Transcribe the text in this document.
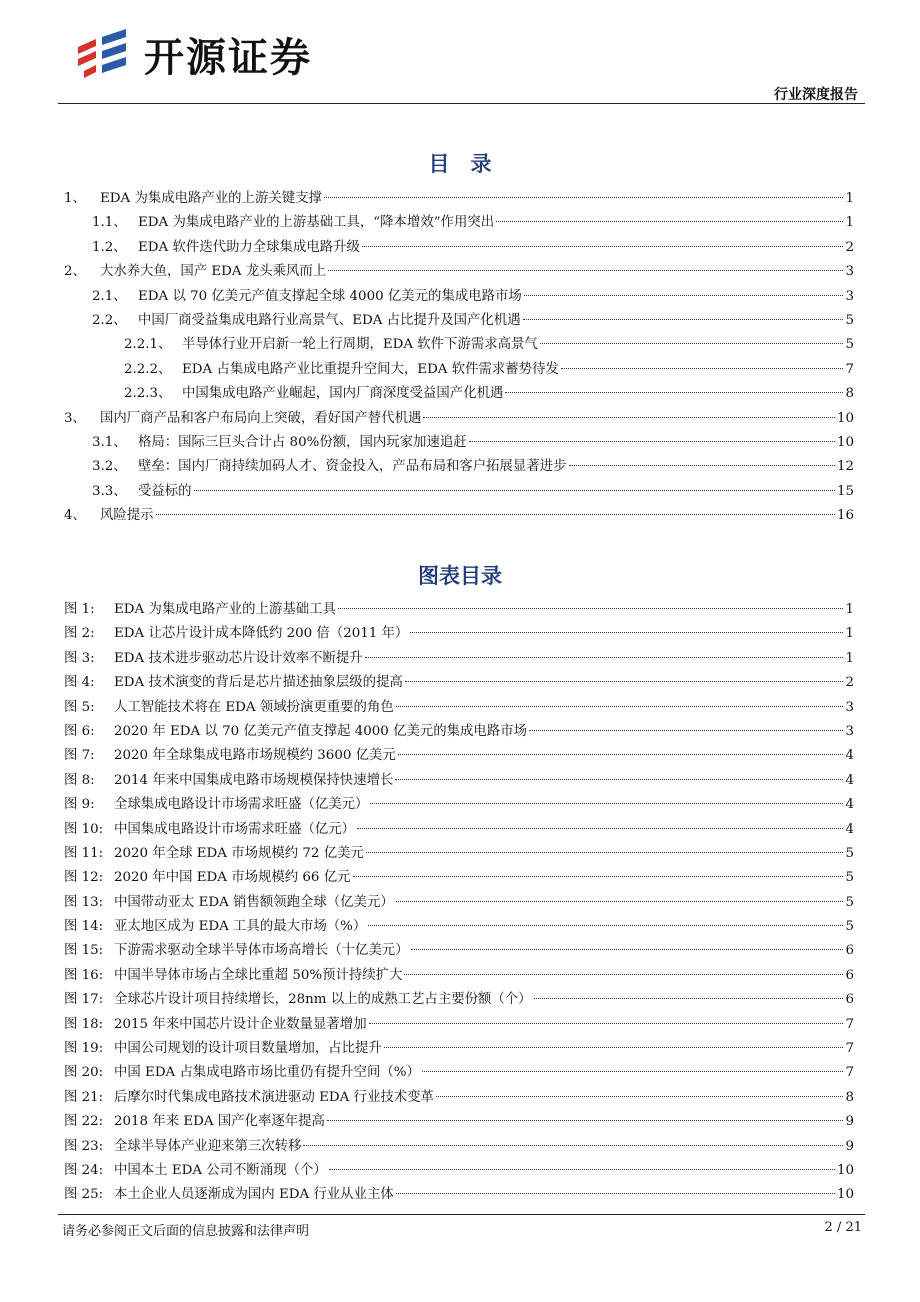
开源证券
行业深度报告
目　录
1、	EDA 为集成电路产业的上游关键支撑	1
1.1、 EDA 为集成电路产业的上游基础工具，“降本增效”作用突出	1
1.2、 EDA 软件迭代助力全球集成电路升级	2
2、	大水养大鱼，国产 EDA 龙头乘风而上	3
2.1、 EDA 以 70 亿美元产值支撑起全球 4000 亿美元的集成电路市场	3
2.2、 中国厂商受益集成电路行业高景气、EDA 占比提升及国产化机遇	5
2.2.1、 半导体行业开启新一轮上行周期，EDA 软件下游需求高景气	5
2.2.2、 EDA 占集成电路产业比重提升空间大，EDA 软件需求蓄势待发	7
2.2.3、 中国集成电路产业崛起，国内厂商深度受益国产化机遇	8
3、	国内厂商产品和客户布局向上突破，看好国产替代机遇	10
3.1、 格局：国际三巨头合计占 80%份额，国内玩家加速追赶	10
3.2、 壁垒：国内厂商持续加码人才、资金投入，产品布局和客户拓展显著进步	12
3.3、 受益标的	15
4、	风险提示	16
图表目录
图 1:	EDA 为集成电路产业的上游基础工具	1
图 2:	EDA 让芯片设计成本降低约 200 倍（2011 年）	1
图 3:	EDA 技术进步驱动芯片设计效率不断提升	1
图 4:	EDA 技术演变的背后是芯片描述抽象层级的提高	2
图 5:	人工智能技术将在 EDA 领域扮演更重要的角色	3
图 6:	2020 年 EDA 以 70 亿美元产值支撑起 4000 亿美元的集成电路市场	3
图 7:	2020 年全球集成电路市场规模约 3600 亿美元	4
图 8:	2014 年来中国集成电路市场规模保持快速增长	4
图 9:	全球集成电路设计市场需求旺盛（亿美元）	4
图 10: 中国集成电路设计市场需求旺盛（亿元）	4
图 11: 2020 年全球 EDA 市场规模约 72 亿美元	5
图 12: 2020 年中国 EDA 市场规模约 66 亿元	5
图 13: 中国带动亚太 EDA 销售额领跑全球（亿美元）	5
图 14: 亚太地区成为 EDA 工具的最大市场（%）	5
图 15: 下游需求驱动全球半导体市场高增长（十亿美元）	6
图 16: 中国半导体市场占全球比重超 50%预计持续扩大	6
图 17: 全球芯片设计项目持续增长，28nm 以上的成熟工艺占主要份额（个）	6
图 18: 2015 年来中国芯片设计企业数量显著增加	7
图 19: 中国公司规划的设计项目数量增加，占比提升	7
图 20: 中国 EDA 占集成电路市场比重仍有提升空间（%）	7
图 21: 后摩尔时代集成电路技术演进驱动 EDA 行业技术变革	8
图 22: 2018 年来 EDA 国产化率逐年提高	9
图 23: 全球半导体产业迎来第三次转移	9
图 24: 中国本土 EDA 公司不断涌现（个）	10
图 25: 本土企业人员逐渐成为国内 EDA 行业从业主体	10
请务必参阅正文后面的信息披露和法律声明	2 / 21
